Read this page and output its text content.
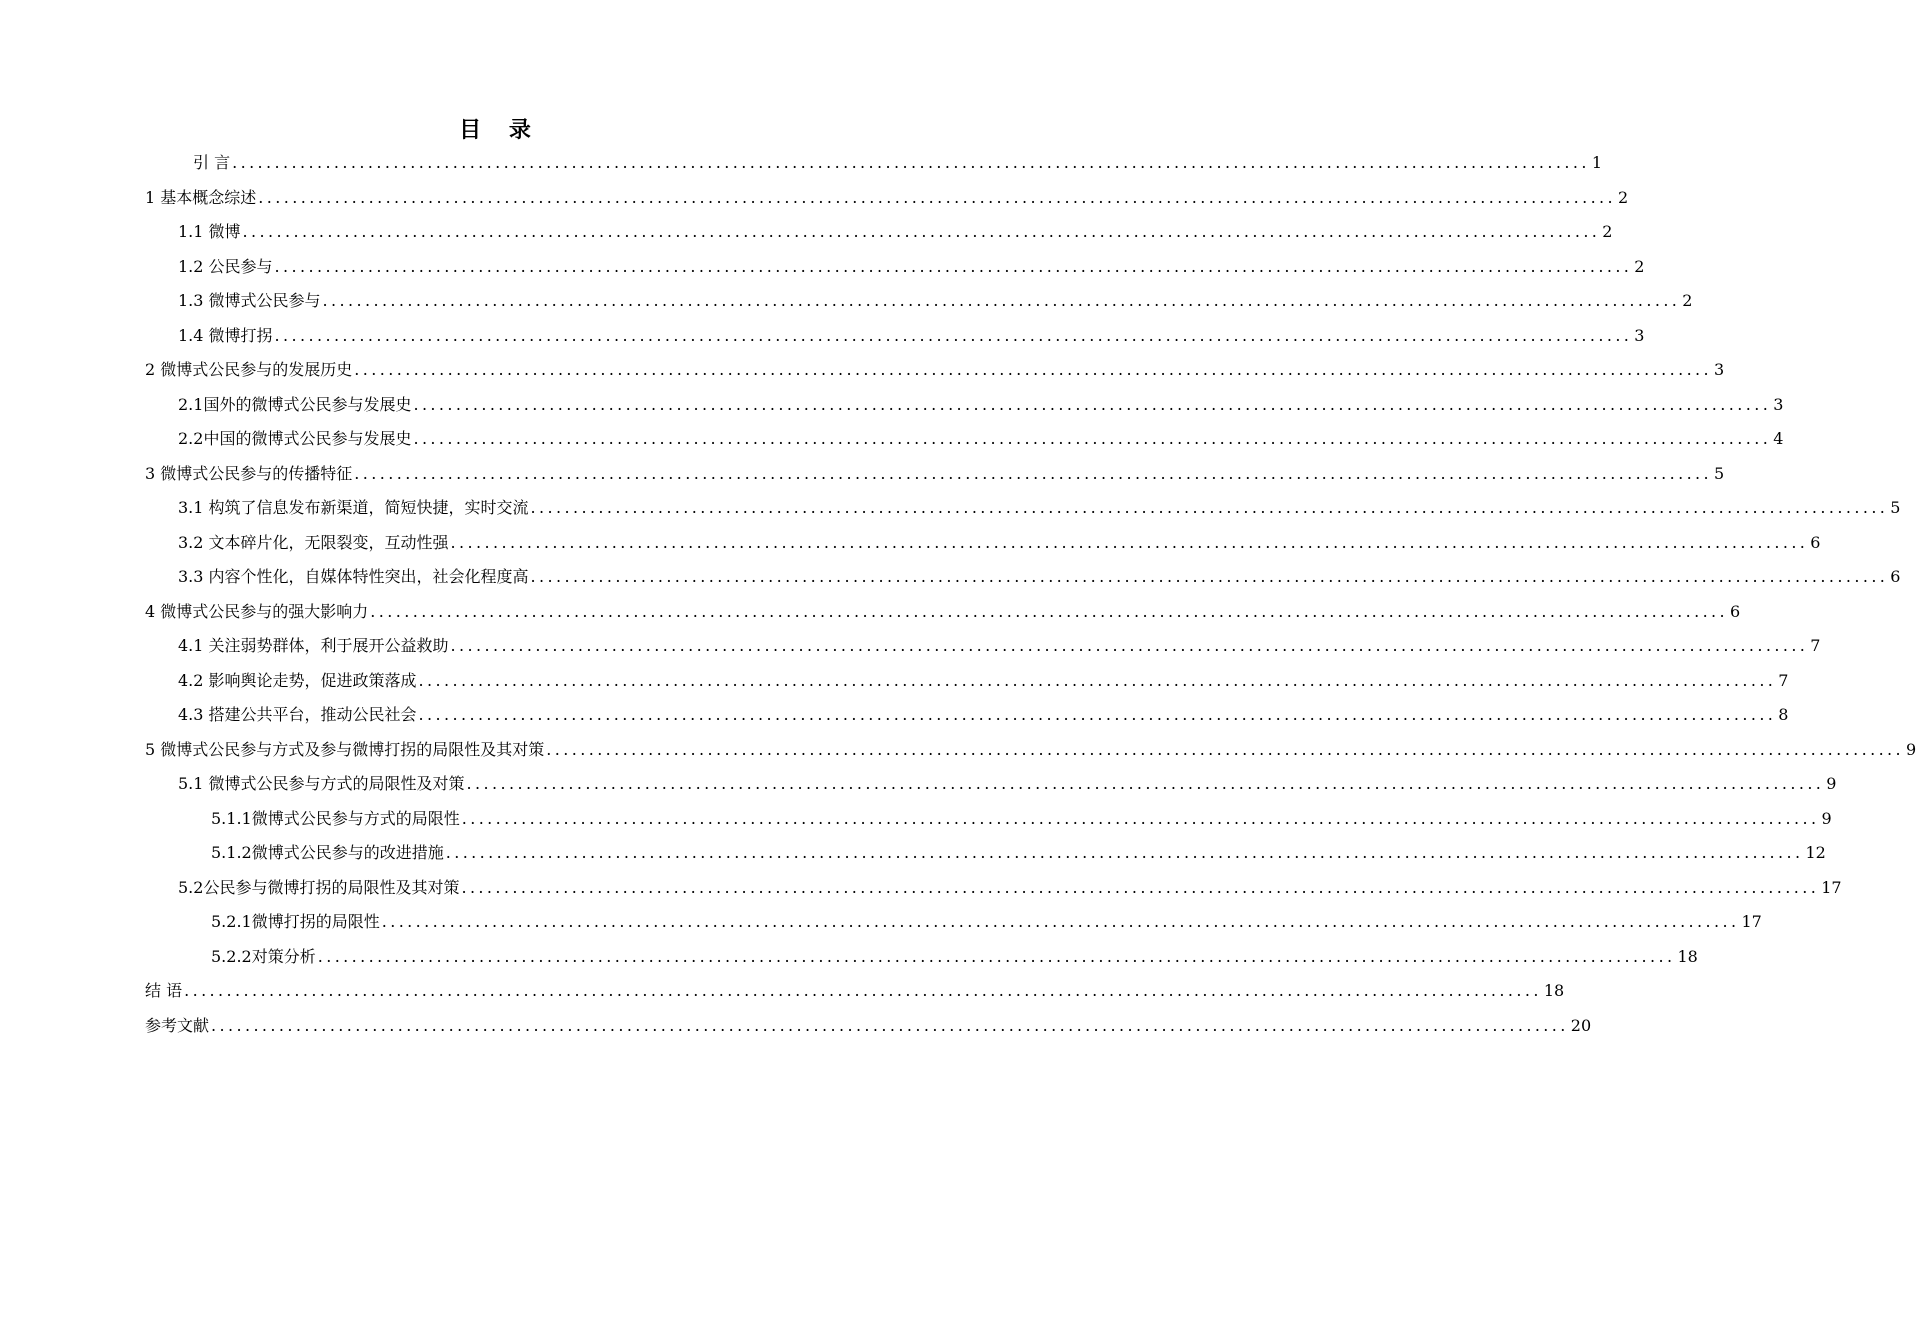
目 录
引 言 ................................................................................................................................................................ 1
1 基本概念综述 ................................................................................................................................................................ 2
1.1 微博 ................................................................................................................................................................ 2
1.2 公民参与 ................................................................................................................................................................ 2
1.3 微博式公民参与 ................................................................................................................................................................ 2
1.4 微博打拐 ................................................................................................................................................................ 3
2 微博式公民参与的发展历史 ................................................................................................................................................................ 3
2.1国外的微博式公民参与发展史 ................................................................................................................................................................ 3
2.2中国的微博式公民参与发展史 ................................................................................................................................................................ 4
3 微博式公民参与的传播特征 ................................................................................................................................................................ 5
3.1 构筑了信息发布新渠道，简短快捷，实时交流 ................................................................................................................................................................ 5
3.2 文本碎片化，无限裂变，互动性强 ................................................................................................................................................................ 6
3.3 内容个性化，自媒体特性突出，社会化程度高 ................................................................................................................................................................ 6
4 微博式公民参与的强大影响力 ................................................................................................................................................................ 6
4.1 关注弱势群体，利于展开公益救助 ................................................................................................................................................................ 7
4.2 影响舆论走势，促进政策落成 ................................................................................................................................................................ 7
4.3 搭建公共平台，推动公民社会 ................................................................................................................................................................ 8
5 微博式公民参与方式及参与微博打拐的局限性及其对策 ................................................................................................................................................................ 9
5.1 微博式公民参与方式的局限性及对策 ................................................................................................................................................................ 9
5.1.1微博式公民参与方式的局限性 ................................................................................................................................................................ 9
5.1.2微博式公民参与的改进措施 ................................................................................................................................................................ 12
5.2公民参与微博打拐的局限性及其对策 ................................................................................................................................................................ 17
5.2.1微博打拐的局限性 ................................................................................................................................................................ 17
5.2.2对策分析 ................................................................................................................................................................ 18
结 语 ................................................................................................................................................................ 18
参考文献 ................................................................................................................................................................ 20
